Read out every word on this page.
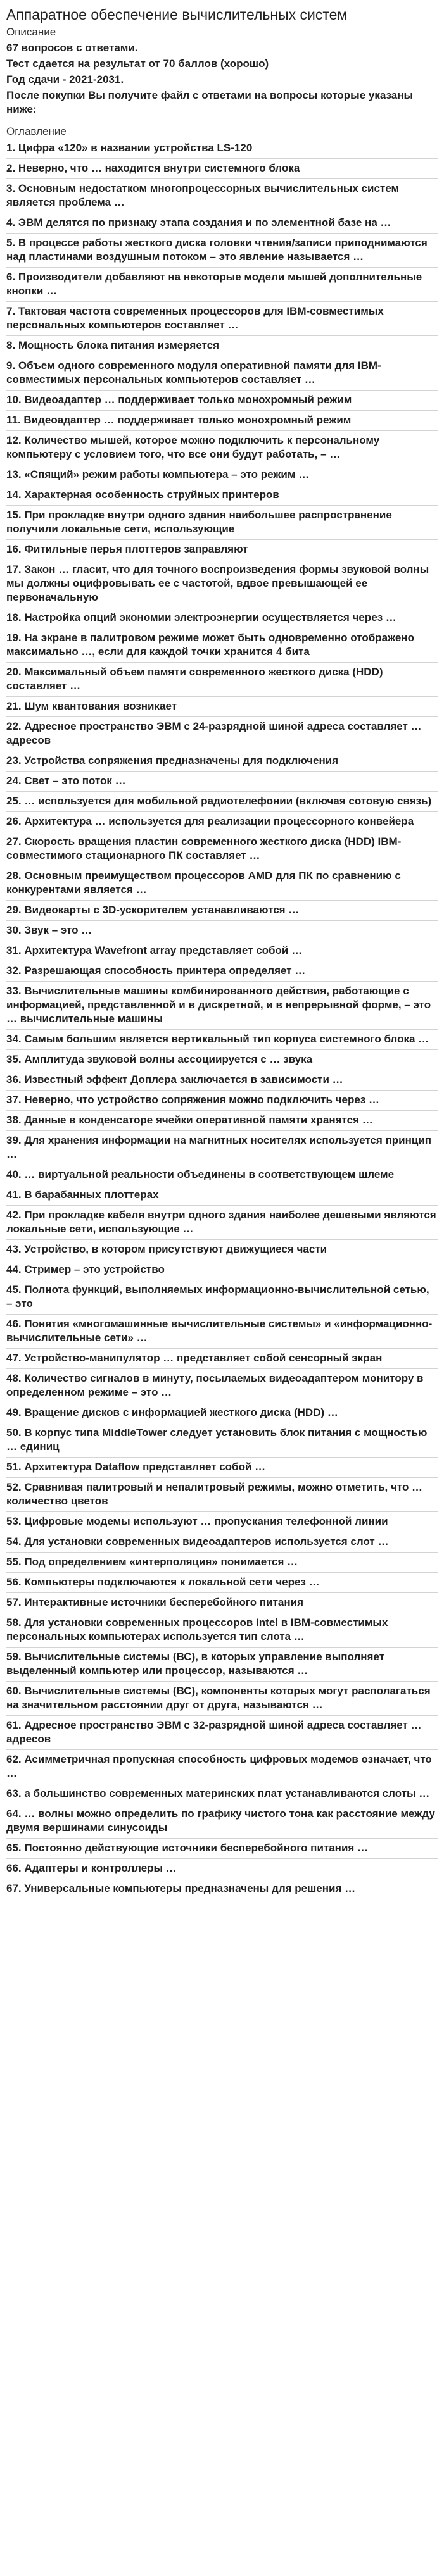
Аппаратное обеспечение вычислительных систем
Описание
67 вопросов с ответами.
Тест сдается на результат от 70 баллов (хорошо)
Год сдачи - 2021-2031.
После покупки Вы получите файл с ответами на вопросы которые указаны ниже:
Оглавление
1. Цифра «120» в названии устройства LS-120
2. Неверно, что … находится внутри системного блока
3. Основным недостатком многопроцессорных вычислительных систем является проблема …
4. ЭВМ делятся по признаку этапа создания и по элементной базе на …
5. В процессе работы жесткого диска головки чтения/записи приподнимаются над пластинами воздушным потоком – это явление называется …
6. Производители добавляют на некоторые модели мышей дополнительные кнопки …
7. Тактовая частота современных процессоров для IBM-совместимых персональных компьютеров составляет …
8. Мощность блока питания измеряется
9. Объем одного современного модуля оперативной памяти для IBM-совместимых персональных компьютеров составляет …
10. Видеоадаптер … поддерживает только монохромный режим
11. Видеоадаптер … поддерживает только монохромный режим
12. Количество мышей, которое можно подключить к персональному компьютеру с условием того, что все они будут работать, – …
13. «Спящий» режим работы компьютера – это режим …
14. Характерная особенность струйных принтеров
15. При прокладке внутри одного здания наибольшее распространение получили локальные сети, использующие
16. Фитильные перья плоттеров заправляют
17. Закон … гласит, что для точного воспроизведения формы звуковой волны мы должны оцифровывать ее с частотой, вдвое превышающей ее первоначальную
18. Настройка опций экономии электроэнергии осуществляется через …
19. На экране в палитровом режиме может быть одновременно отображено максимально …, если для каждой точки хранится 4 бита
20. Максимальный объем памяти современного жесткого диска (HDD) составляет …
21. Шум квантования возникает
22. Адресное пространство ЭВМ с 24-разрядной шиной адреса составляет … адресов
23. Устройства сопряжения предназначены для подключения
24. Свет – это поток …
25. … используется для мобильной радиотелефонии (включая сотовую связь)
26. Архитектура … используется для реализации процессорного конвейера
27. Скорость вращения пластин современного жесткого диска (HDD) IBM-совместимого стационарного ПК составляет …
28. Основным преимуществом процессоров AMD для ПК по сравнению с конкурентами является …
29. Видеокарты с 3D-ускорителем устанавливаются …
30. Звук – это …
31. Архитектура Wavefront array представляет собой …
32. Разрешающая способность принтера определяет …
33. Вычислительные машины комбинированного действия, работающие с информацией, представленной и в дискретной, и в непрерывной форме, – это … вычислительные машины
34. Самым большим является вертикальный тип корпуса системного блока …
35. Амплитуда звуковой волны ассоциируется с … звука
36. Известный эффект Доплера заключается в зависимости …
37. Неверно, что устройство сопряжения можно подключить через …
38. Данные в конденсаторе ячейки оперативной памяти хранятся …
39. Для хранения информации на магнитных носителях используется принцип …
40. … виртуальной реальности объединены в соответствующем шлеме
41. В барабанных плоттерах
42. При прокладке кабеля внутри одного здания наиболее дешевыми являются локальные сети, использующие …
43. Устройство, в котором присутствуют движущиеся части
44. Стример – это устройство
45. Полнота функций, выполняемых информационно-вычислительной сетью, – это
46. Понятия «многомашинные вычислительные системы» и «информационно-вычислительные сети» …
47. Устройство-манипулятор … представляет собой сенсорный экран
48. Количество сигналов в минуту, посылаемых видеоадаптером монитору в определенном режиме – это …
49. Вращение дисков с информацией жесткого диска (HDD) …
50. В корпус типа MiddleTower следует установить блок питания с мощностью … единиц
51. Архитектура Dataflow представляет собой …
52. Сравнивая палитровый и непалитровый режимы, можно отметить, что … количество цветов
53. Цифровые модемы используют … пропускания телефонной линии
54. Для установки современных видеоадаптеров используется слот …
55. Под определением «интерполяция» понимается …
56. Компьютеры подключаются к локальной сети через …
57. Интерактивные источники бесперебойного питания
58. Для установки современных процессоров Intel в IBM-совместимых персональных компьютерах используется тип слота …
59. Вычислительные системы (ВС), в которых управление выполняет выделенный компьютер или процессор, называются …
60. Вычислительные системы (ВС), компоненты которых могут располагаться на значительном расстоянии друг от друга, называются …
61. Адресное пространство ЭВМ с 32-разрядной шиной адреса составляет … адресов
62. Асимметричная пропускная способность цифровых модемов означает, что …
63. а большинство современных материнских плат устанавливаются слоты …
64. … волны можно определить по графику чистого тона как расстояние между двумя вершинами синусоиды
65. Постоянно действующие источники бесперебойного питания …
66. Адаптеры и контроллеры …
67. Универсальные компьютеры предназначены для решения …
